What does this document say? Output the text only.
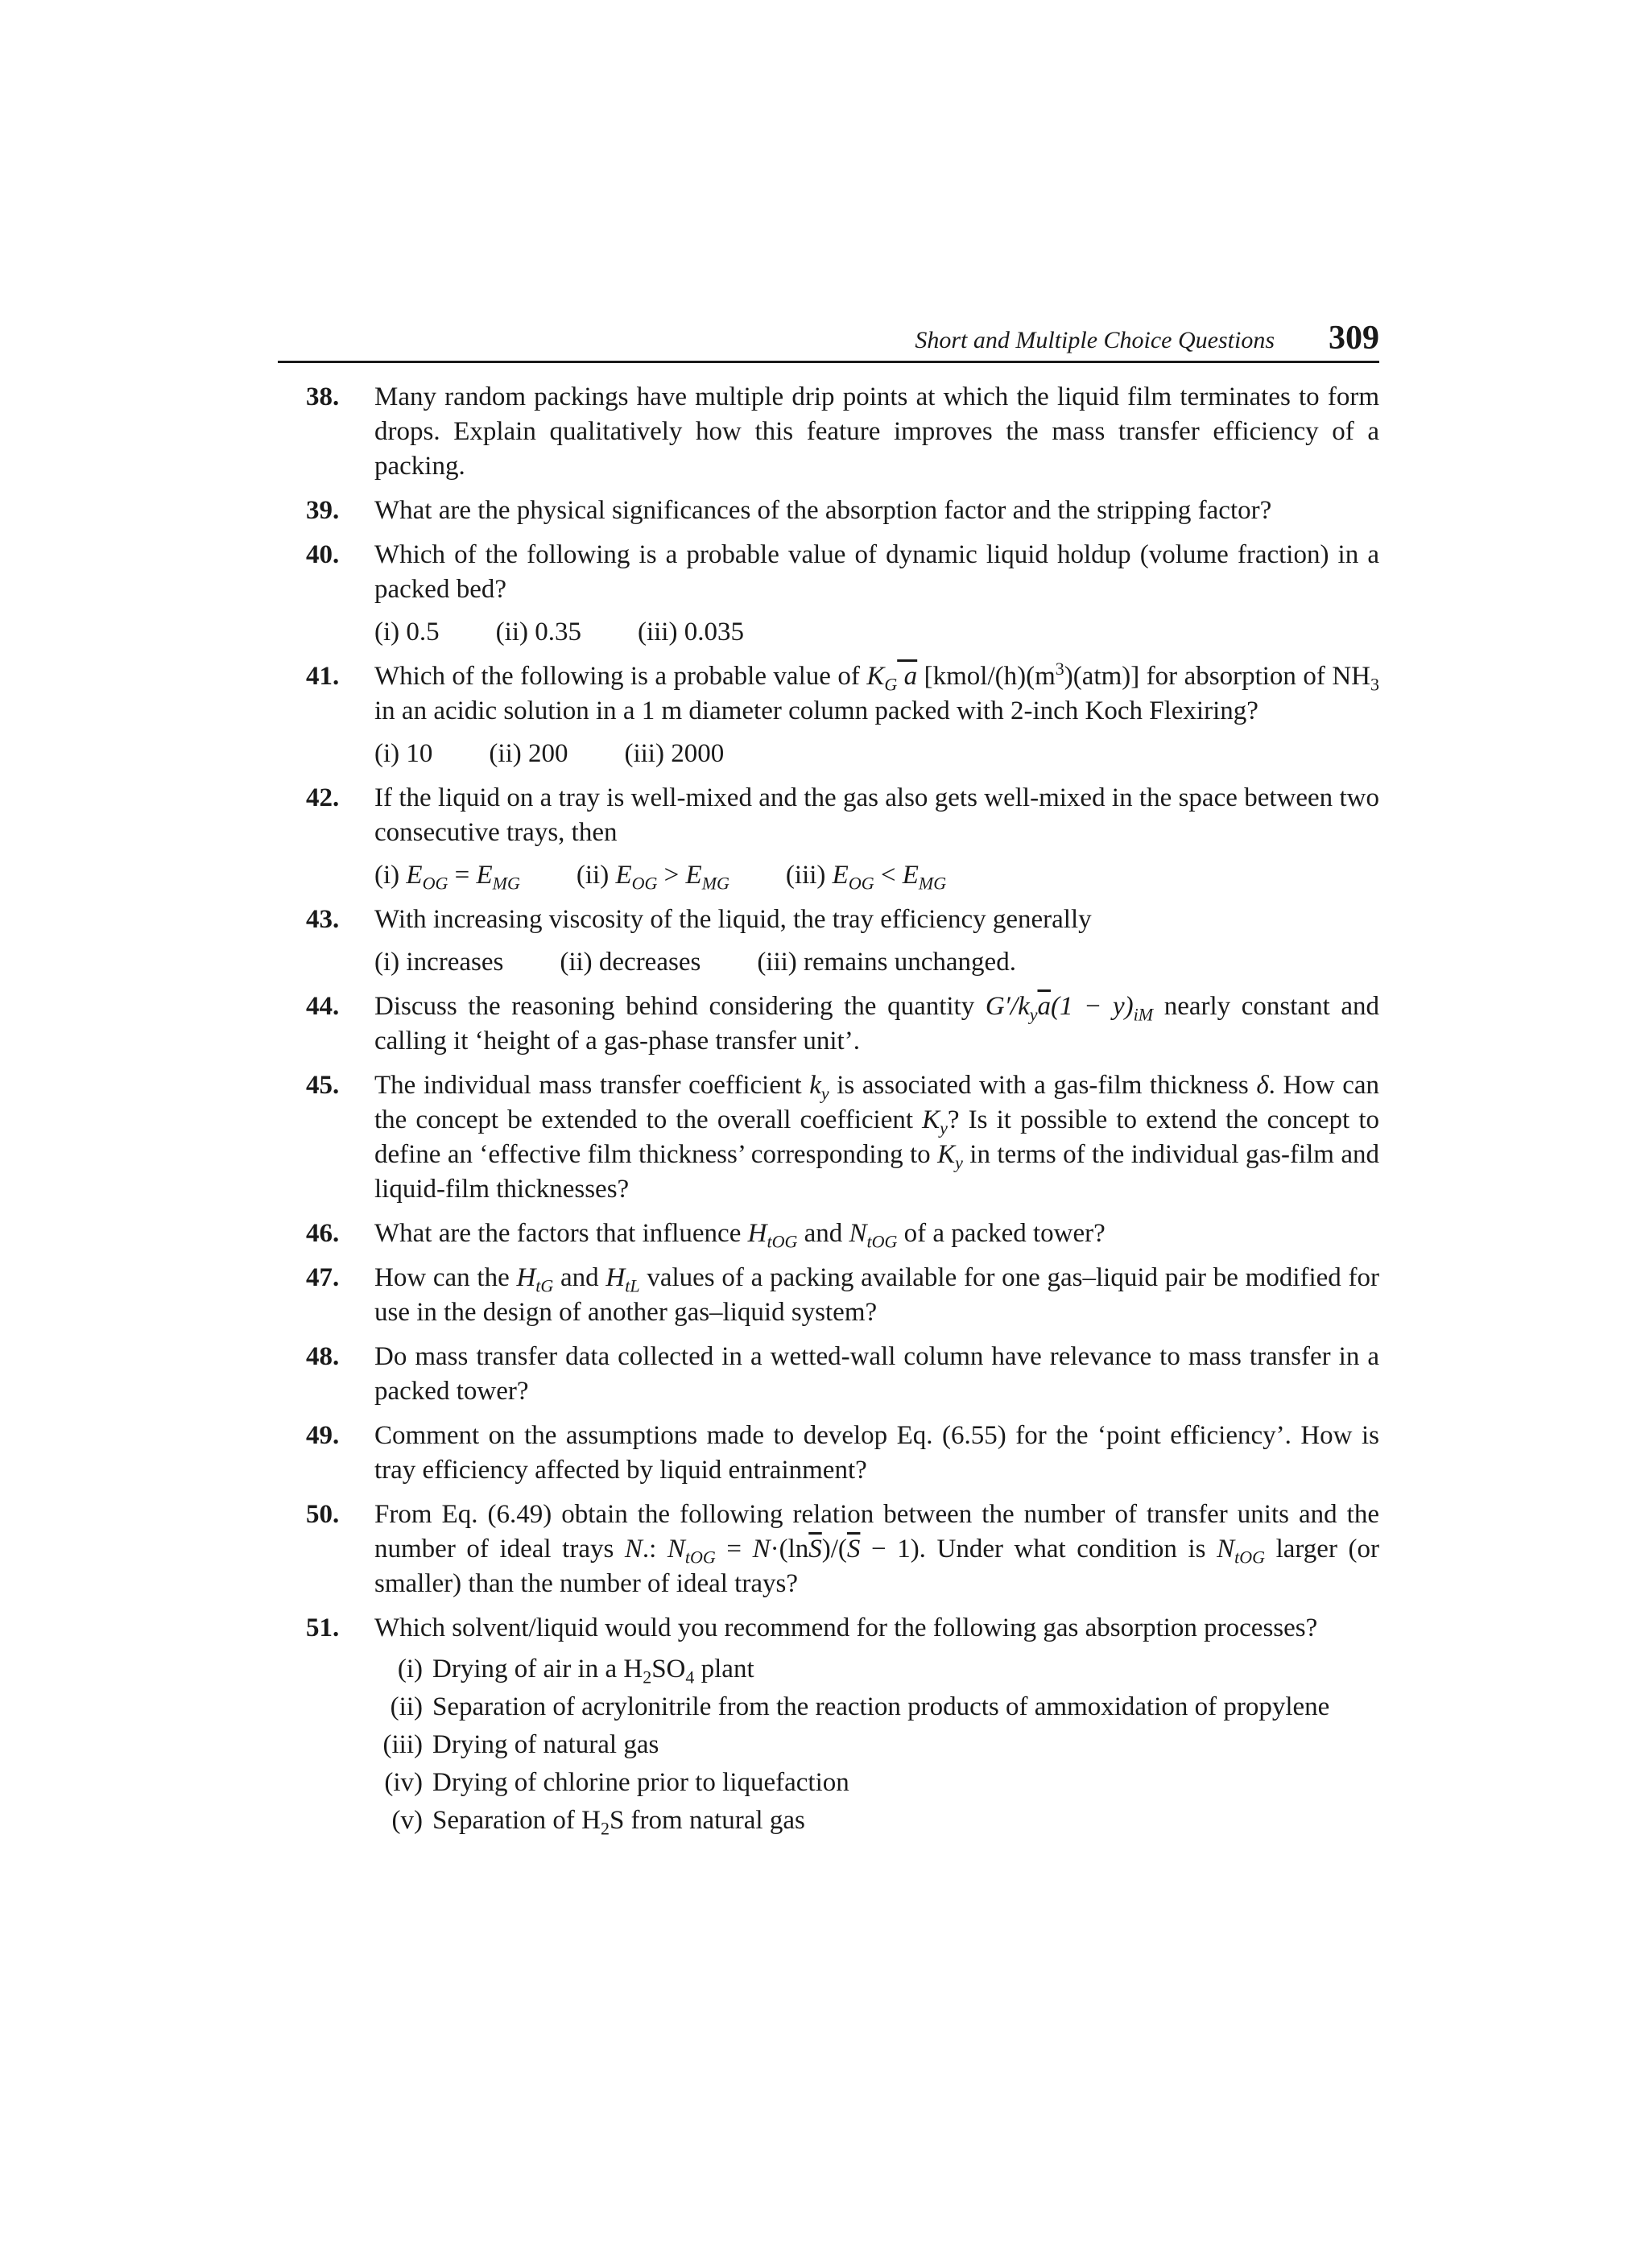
Short and Multiple Choice Questions 309
38. Many random packings have multiple drip points at which the liquid film terminates to form drops. Explain qualitatively how this feature improves the mass transfer efficiency of a packing.
39. What are the physical significances of the absorption factor and the stripping factor?
40. Which of the following is a probable value of dynamic liquid holdup (volume fraction) in a packed bed?
(i) 0.5 (ii) 0.35 (iii) 0.035
41. Which of the following is a probable value of $K_G$ a $[kmol/(h)(m^3)(atm)]$ for absorption of $NH_3$ in an acidic solution in a 1 m diameter column packed with 2-inch Koch Flexiring?
(i) 10 (ii) 200 (iii) 2000
42. If the liquid on a tray is well-mixed and the gas also gets well-mixed in the space between two consecutive trays, then
(i) $E_{OG} = E_{MG}$ (ii) $E_{OG} > E_{MG}$ (iii) $E_{OG} < E_{MG}$
43. With increasing viscosity of the liquid, the tray efficiency generally
(i) increases (ii) decreases (iii) remains unchanged.
44. Discuss the reasoning behind considering the quantity $G'/k_y\overline{a}(1 - y)_{iM}$ nearly constant and calling it ‘height of a gas-phase transfer unit’.
45. The individual mass transfer coefficient $k_y$ is associated with a gas-film thickness δ. How can the concept be extended to the overall coefficient $K_y$? Is it possible to extend the concept to define an ‘effective film thickness’ corresponding to $K_y$ in terms of the individual gas-film and liquid-film thicknesses?
46. What are the factors that influence $H_{tOG}$ and $N_{tOG}$ of a packed tower?
47. How can the $H_{tG}$ and $H_{tL}$ values of a packing available for one gas–liquid pair be modified for use in the design of another gas–liquid system?
48. Do mass transfer data collected in a wetted-wall column have relevance to mass transfer in a packed tower?
49. Comment on the assumptions made to develop Eq. (6.55) for the ‘point efficiency’. How is tray efficiency affected by liquid entrainment?
50. From Eq. (6.49) obtain the following relation between the number of transfer units and the number of ideal trays N.: $N_{tOG} = N\cdot(\ln\overline{S})/(\overline{S} - 1)$. Under what condition is $N_{tOG}$ larger (or smaller) than the number of ideal trays?
51. Which solvent/liquid would you recommend for the following gas absorption processes?
(i) Drying of air in a $H_2SO_4$ plant
(ii) Separation of acrylonitrile from the reaction products of ammoxidation of propylene
(iii) Drying of natural gas
(iv) Drying of chlorine prior to liquefaction
(v) Separation of $H_2S$ from natural gas
